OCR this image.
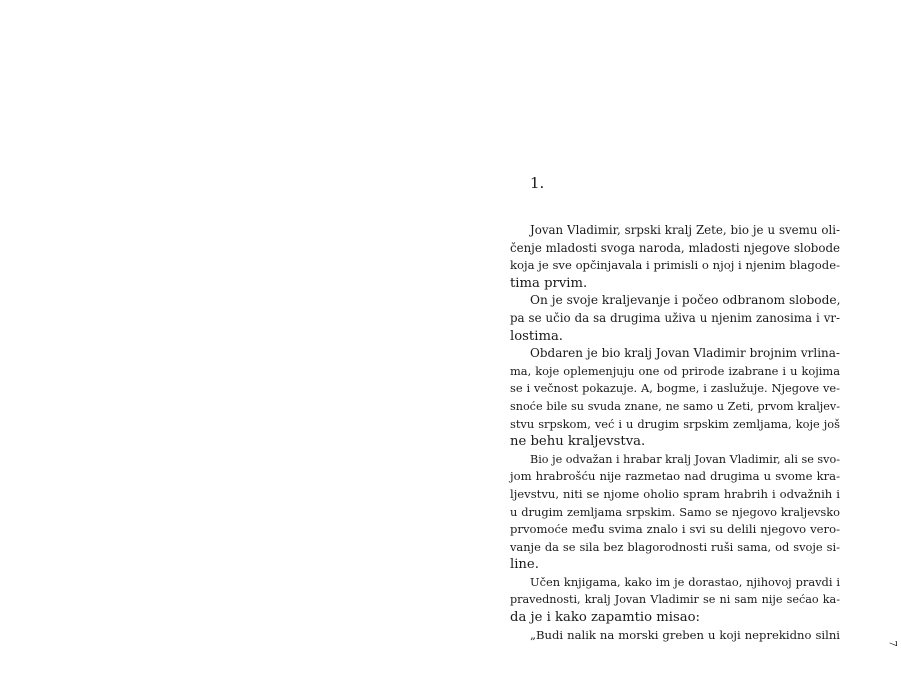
1.

Jovan Vladimir, srpski kralj Zete, bio je u svemu oli-
čenje mladosti svoga naroda, mladosti njegove slobode
koja je sve opčinjavala i primisli o njoj i njenim blagode-
tima prvim.
On je svoje kraljevanje i počeo odbranom slobode,
pa se učio da sa drugima uživa u njenim zanosima i vr-
lostima.
Obdaren je bio kralj Jovan Vladimir brojnim vrlina-
ma, koje oplemenjuju one od prirode izabrane i u kojima
se i večnost pokazuje. A, bogme, i zaslužuje. Njegove ve-
snoće bile su svuda znane, ne samo u Zeti, prvom kraljev-
stvu srpskom, već i u drugim srpskim zemljama, koje još
ne behu kraljevstva.
Bio je odvažan i hrabar kralj Jovan Vladimir, ali se svo-
jom hrabrošću nije razmetao nad drugima u svome kra-
ljevstvu, niti se njome oholio spram hrabrih i odvažnih i
u drugim zemljama srpskim. Samo se njegovo kraljevsko
prvomoće među svima znalo i svi su delili njegovo vero-
vanje da se sila bez blagorodnosti ruši sama, od svoje si-
line.
Učen knjigama, kako im je dorastao, njihovoj pravdi i
pravednosti, kralj Jovan Vladimir se ni sam nije sećao ka-
da je i kako zapamtio misao:
„Budi nalik na morski greben u koji neprekidno silni
7
